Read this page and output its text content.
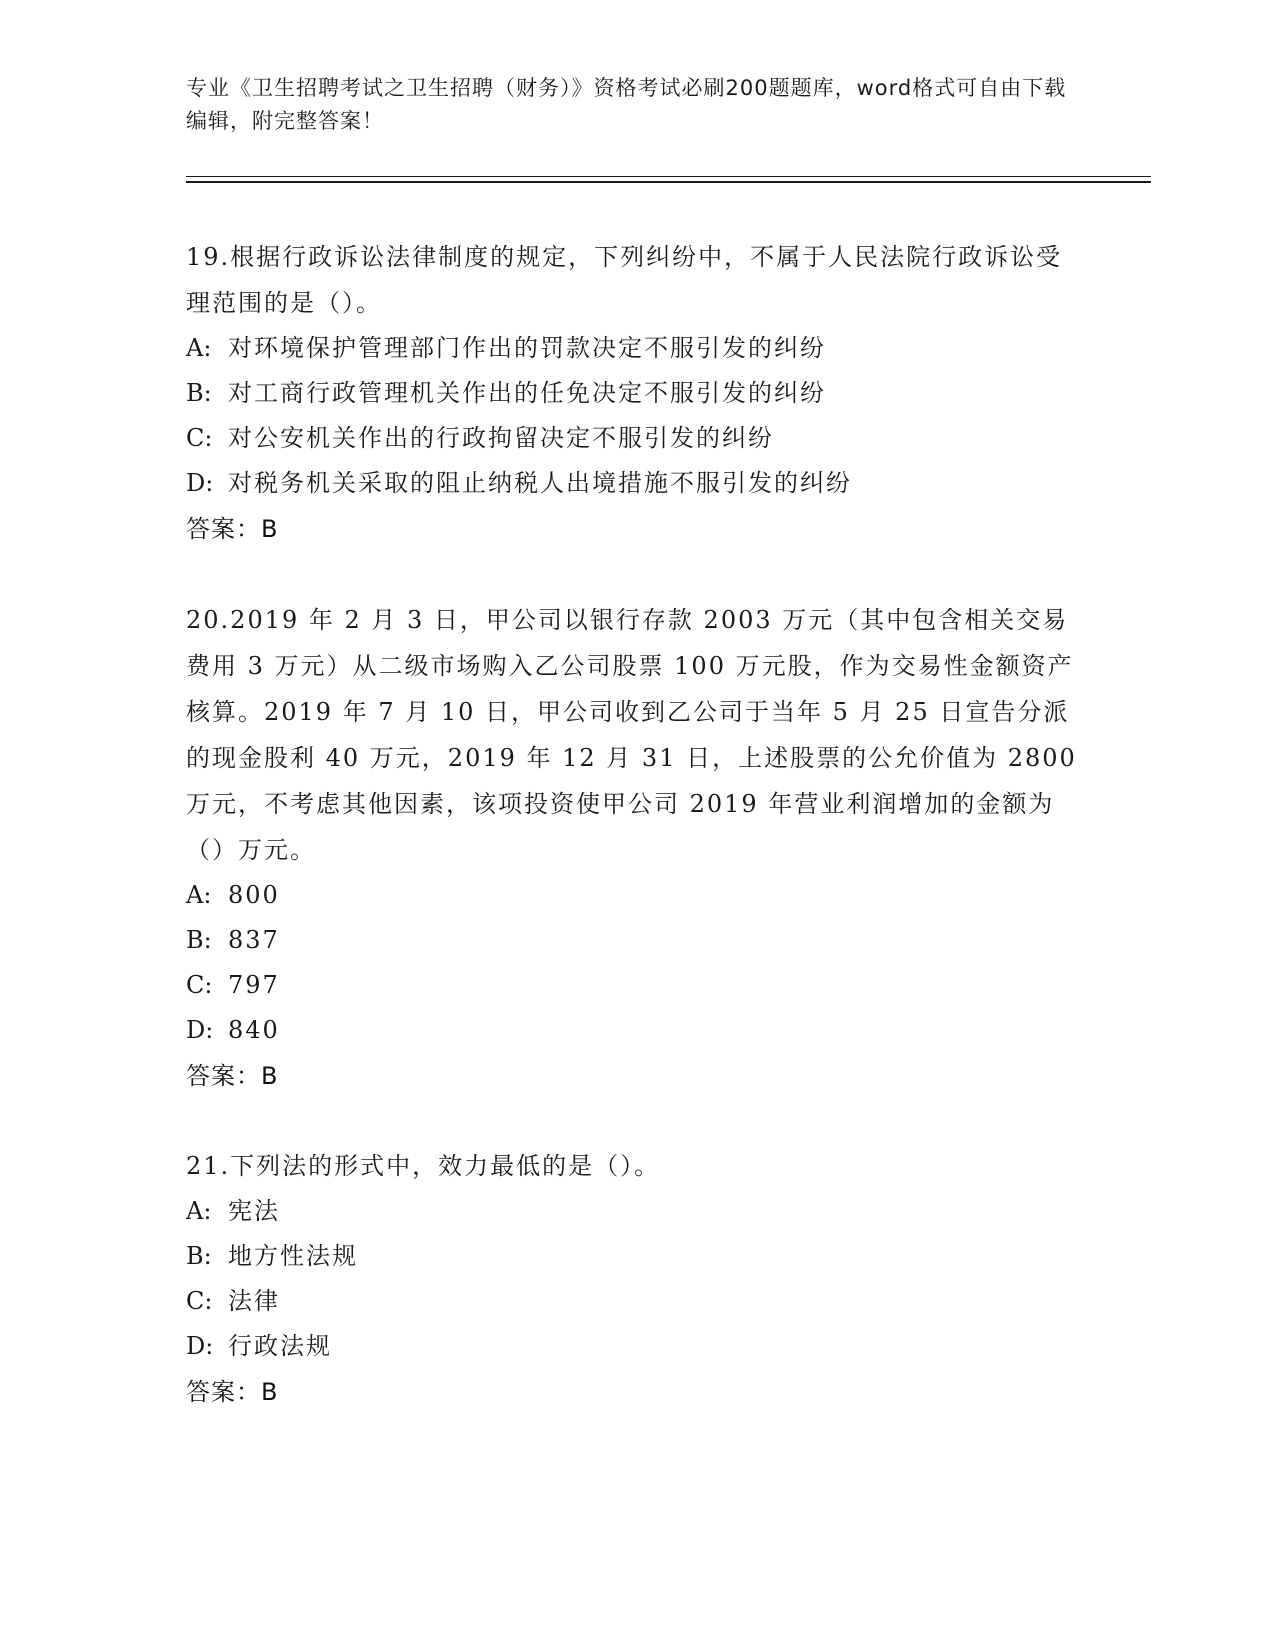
专业《卫生招聘考试之卫生招聘（财务）》资格考试必刷200题题库，word格式可自由下载编辑，附完整答案！

19.根据行政诉讼法律制度的规定，下列纠纷中，不属于人民法院行政诉讼受理范围的是（）。

A: 对环境保护管理部门作出的罚款决定不服引发的纠纷
B: 对工商行政管理机关作出的任免决定不服引发的纠纷
C: 对公安机关作出的行政拘留决定不服引发的纠纷
D: 对税务机关采取的阻止纳税人出境措施不服引发的纠纷
答案：B

20.2019 年 2 月 3 日，甲公司以银行存款 2003 万元（其中包含相关交易费用 3 万元）从二级市场购入乙公司股票 100 万元股，作为交易性金额资产核算。2019 年 7 月 10 日，甲公司收到乙公司于当年 5 月 25 日宣告分派的现金股利 40 万元，2019 年 12 月 31 日，上述股票的公允价值为 2800 万元，不考虑其他因素，该项投资使甲公司 2019 年营业利润增加的金额为（）万元。

A: 800
B: 837
C: 797
D: 840
答案：B

21.下列法的形式中，效力最低的是（）。

A: 宪法
B: 地方性法规
C: 法律
D: 行政法规
答案：B
